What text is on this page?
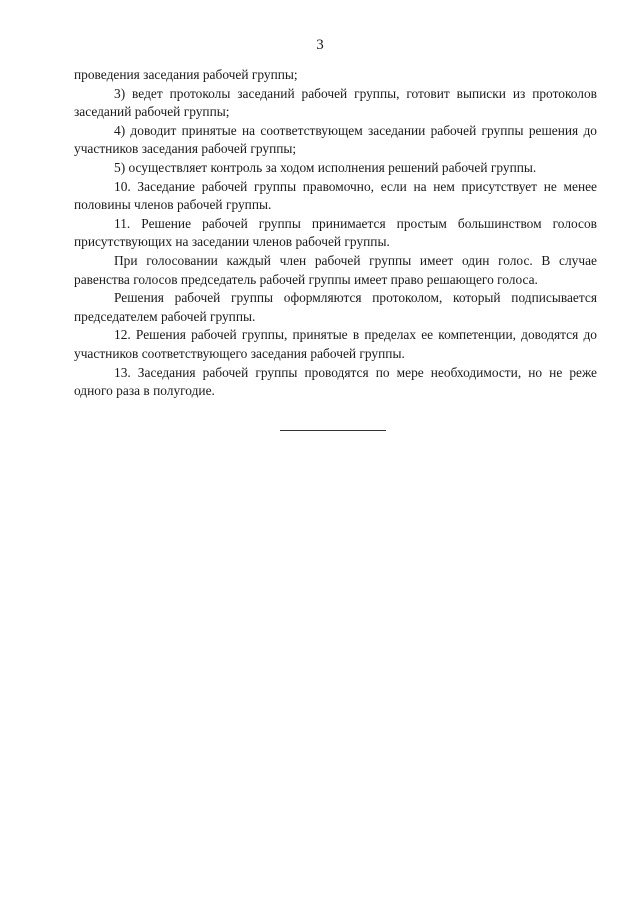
3

проведения заседания рабочей группы;

3) ведет протоколы заседаний рабочей группы, готовит выписки из протоколов заседаний рабочей группы;

4) доводит принятые на соответствующем заседании рабочей группы решения до участников заседания рабочей группы;

5) осуществляет контроль за ходом исполнения решений рабочей группы.

10. Заседание рабочей группы правомочно, если на нем присутствует не менее половины членов рабочей группы.

11. Решение рабочей группы принимается простым большинством голосов присутствующих на заседании членов рабочей группы.

При голосовании каждый член рабочей группы имеет один голос. В случае равенства голосов председатель рабочей группы имеет право решающего голоса.

Решения рабочей группы оформляются протоколом, который подписывается председателем рабочей группы.

12. Решения рабочей группы, принятые в пределах ее компетенции, доводятся до участников соответствующего заседания рабочей группы.

13. Заседания рабочей группы проводятся по мере необходимости, но не реже одного раза в полугодие.
